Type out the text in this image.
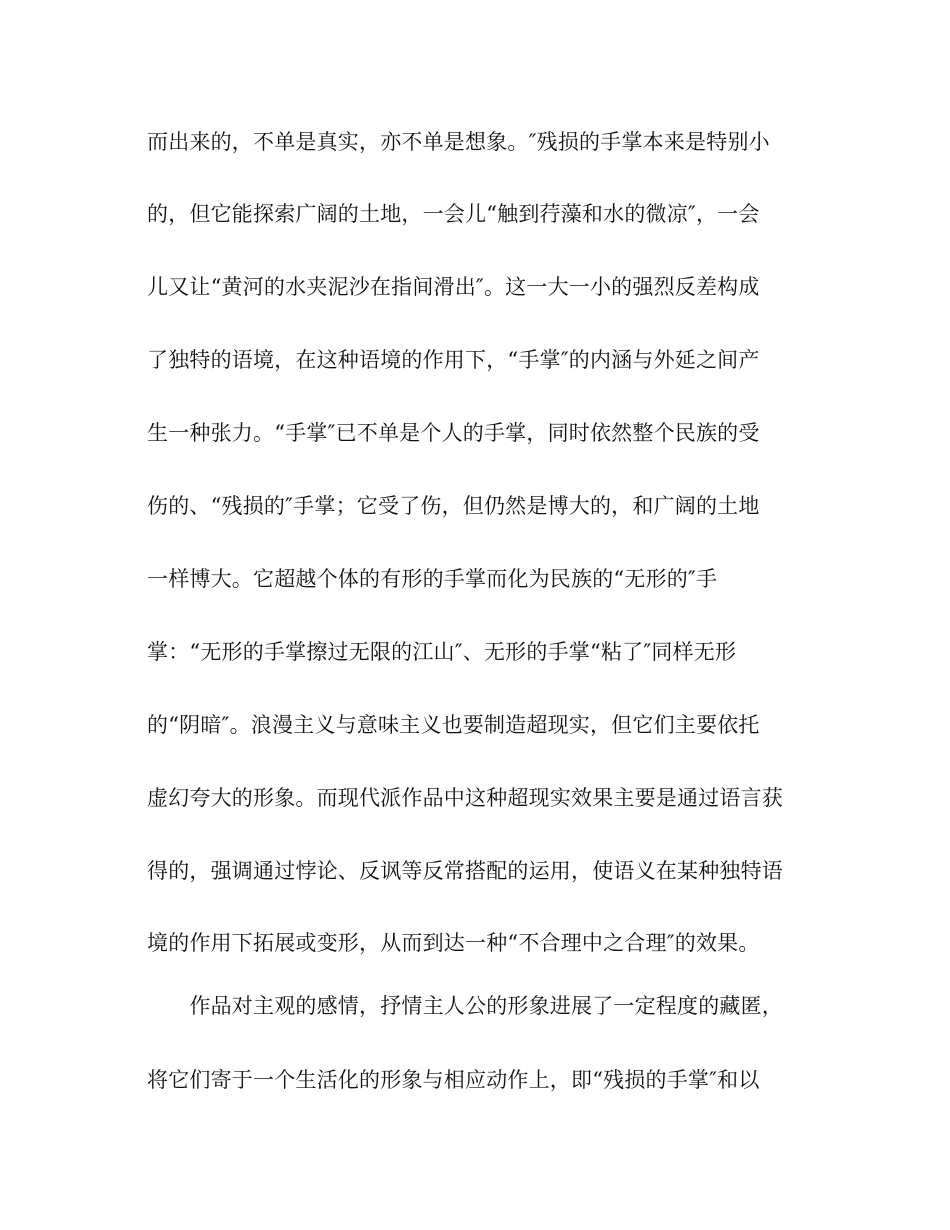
而出来的，不单是真实，亦不单是想象。″残损的手掌本来是特别小
的，但它能探索广阔的土地，一会儿“触到荇藻和水的微凉″，一会
儿又让“黄河的水夹泥沙在指间滑出″。这一大一小的强烈反差构成
了独特的语境，在这种语境的作用下，“手掌″的内涵与外延之间产
生一种张力。“手掌″已不单是个人的手掌，同时依然整个民族的受
伤的、“残损的″手掌；它受了伤，但仍然是博大的，和广阔的土地
一样博大。它超越个体的有形的手掌而化为民族的“无形的″手
掌：“无形的手掌擦过无限的江山″、无形的手掌“粘了″同样无形
的“阴暗″。浪漫主义与意味主义也要制造超现实，但它们主要依托
虚幻夸大的形象。而现代派作品中这种超现实效果主要是通过语言获
得的，强调通过悖论、反讽等反常搭配的运用，使语义在某种独特语
境的作用下拓展或变形，从而到达一种“不合理中之合理″的效果。
　　作品对主观的感情，抒情主人公的形象进展了一定程度的藏匿，
将它们寄于一个生活化的形象与相应动作上，即“残损的手掌″和以
